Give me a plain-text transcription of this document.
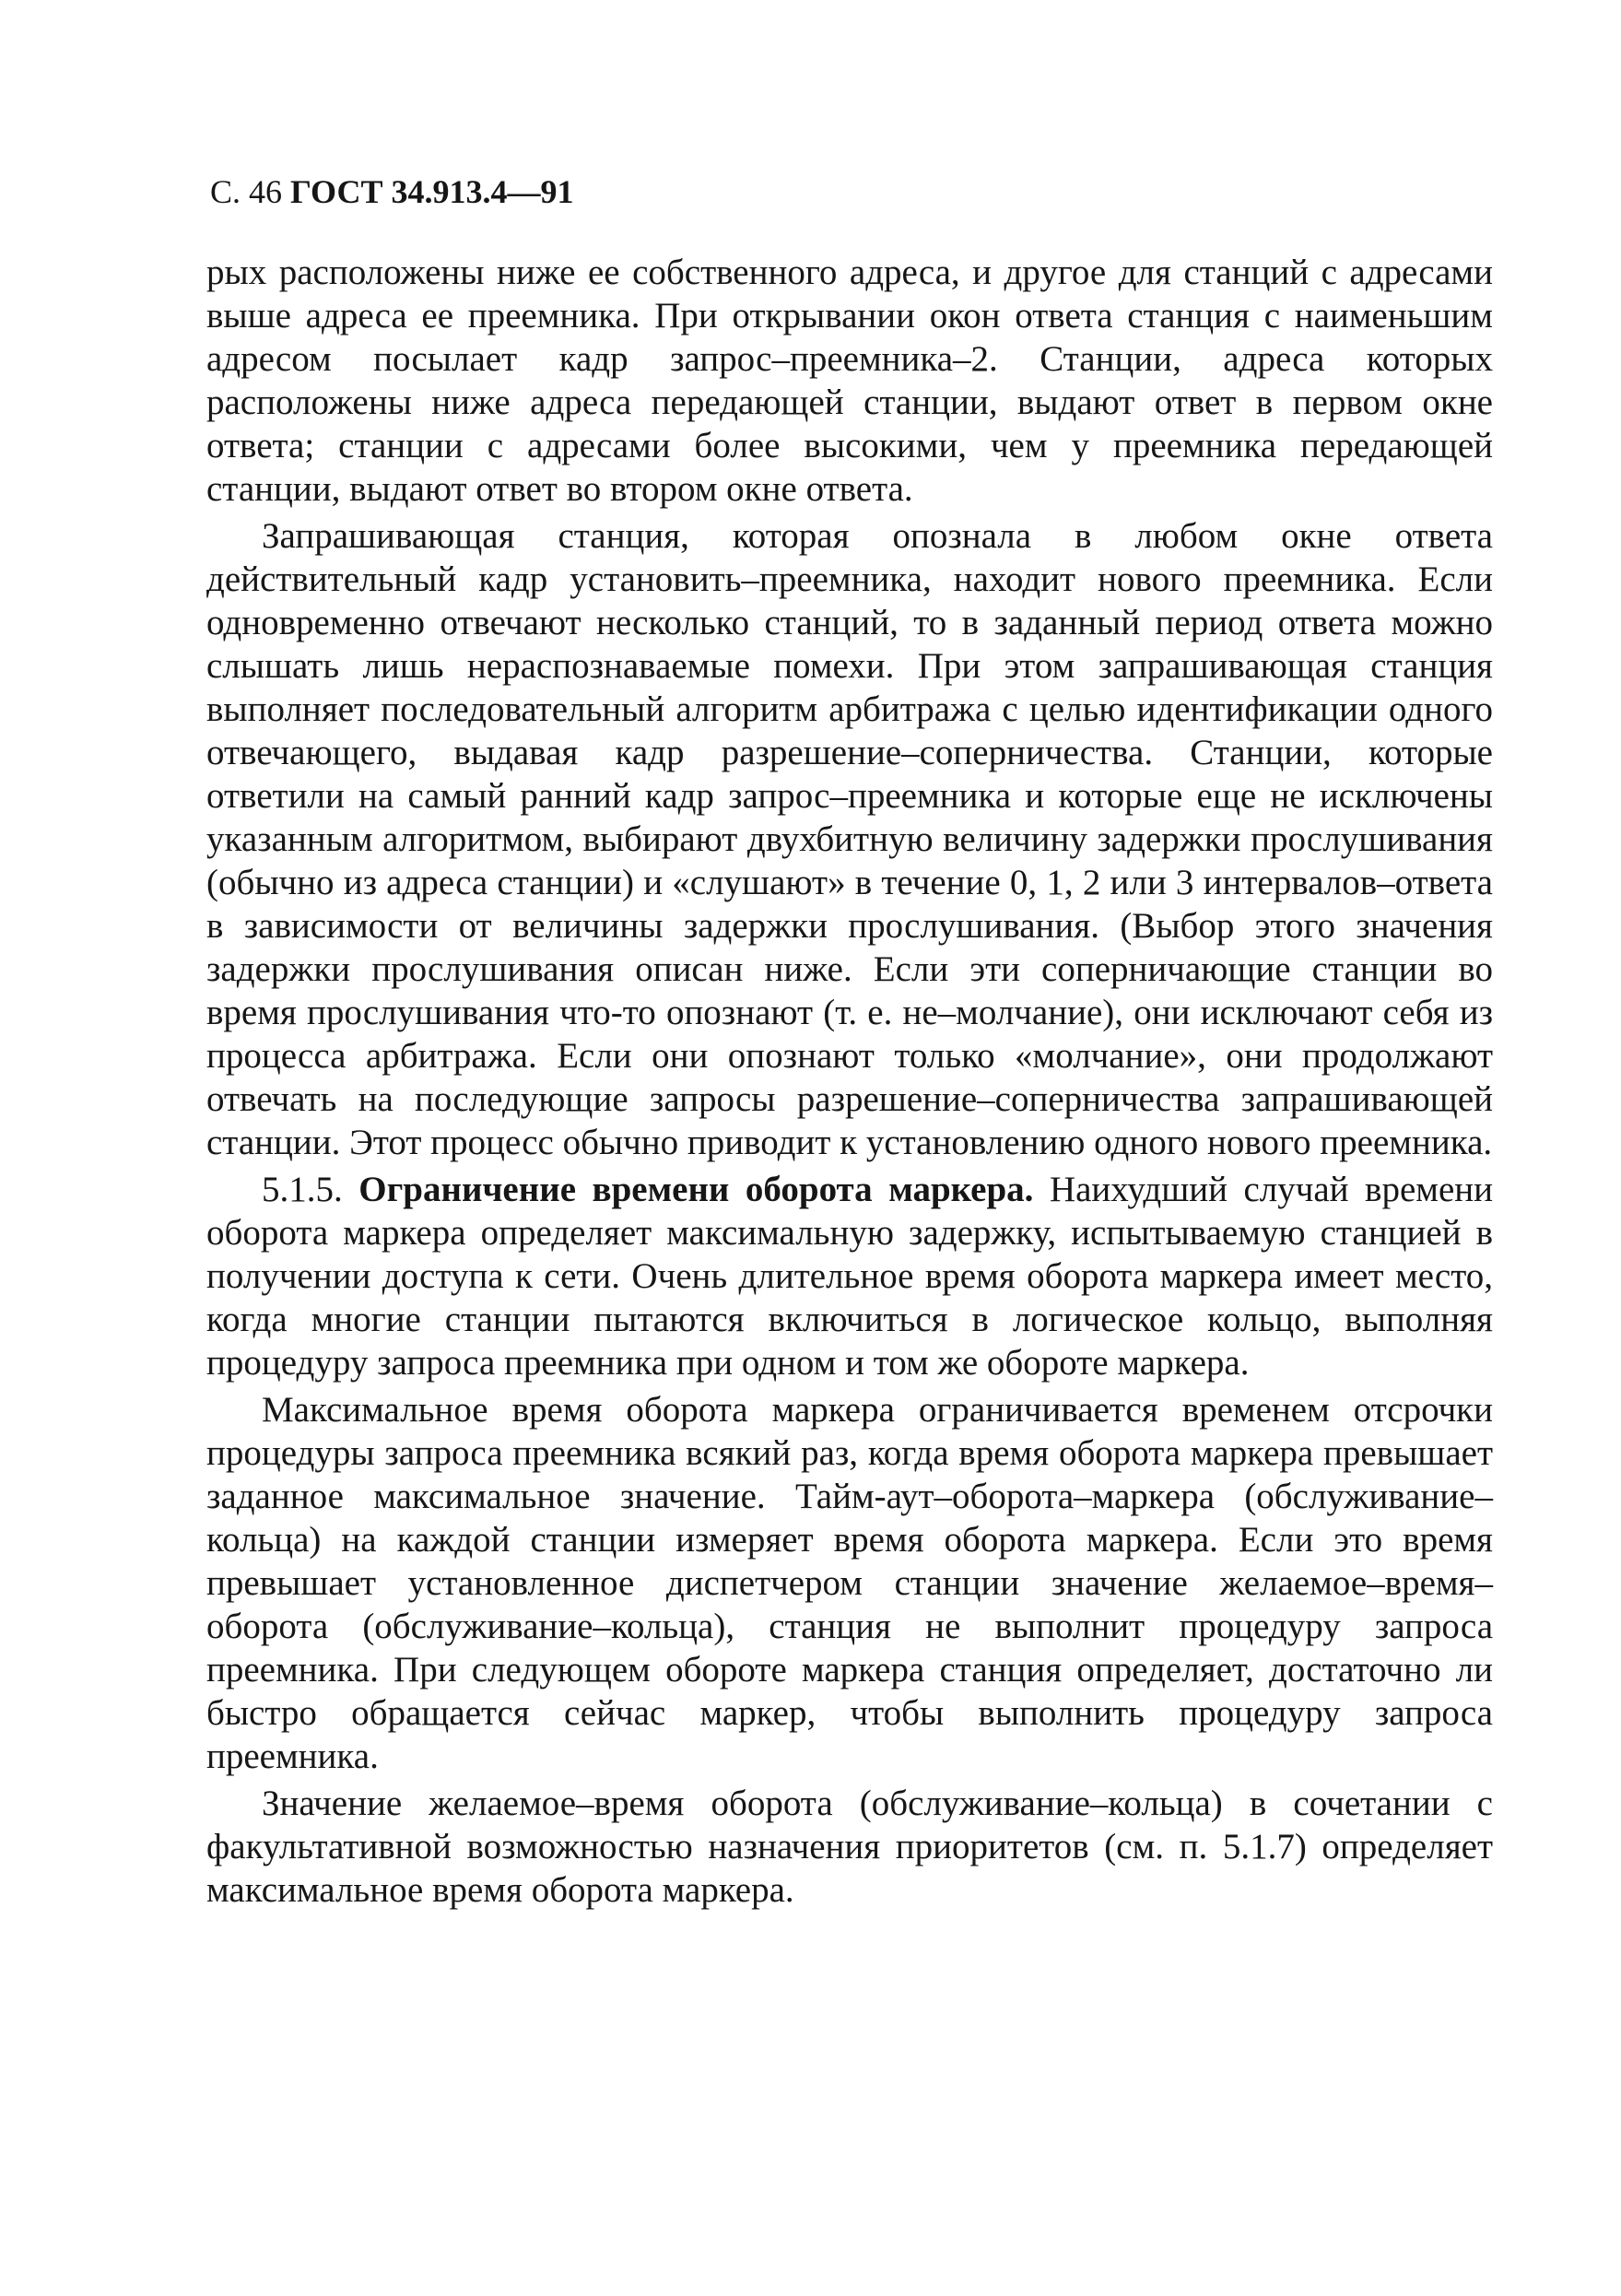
С. 46 ГОСТ 34.913.4—91

рых расположены ниже ее собственного адреса, и другое для станций с адресами выше адреса ее преемника. При открывании окон ответа станция с наименьшим адресом посылает кадр запрос–преемника–2. Станции, адреса которых расположены ниже адреса передающей станции, выдают ответ в первом окне ответа; станции с адресами более высокими, чем у преемника передающей станции, выдают ответ во втором окне ответа.

Запрашивающая станция, которая опознала в любом окне ответа действительный кадр установить–преемника, находит нового преемника. Если одновременно отвечают несколько станций, то в заданный период ответа можно слышать лишь нераспознаваемые помехи. При этом запрашивающая станция выполняет последовательный алгоритм арбитража с целью идентификации одного отвечающего, выдавая кадр разрешение–соперничества. Станции, которые ответили на самый ранний кадр запрос–преемника и которые еще не исключены указанным алгоритмом, выбирают двухбитную величину задержки прослушивания (обычно из адреса станции) и «слушают» в течение 0, 1, 2 или 3 интервалов–ответа в зависимости от величины задержки прослушивания. (Выбор этого значения задержки прослушивания описан ниже. Если эти соперничающие станции во время прослушивания что-то опознают (т. е. не–молчание), они исключают себя из процесса арбитража. Если они опознают только «молчание», они продолжают отвечать на последующие запросы разрешение–соперничества запрашивающей станции. Этот процесс обычно приводит к установлению одного нового преемника.

5.1.5. Ограничение времени оборота маркера. Наихудший случай времени оборота маркера определяет максимальную задержку, испытываемую станцией в получении доступа к сети. Очень длительное время оборота маркера имеет место, когда многие станции пытаются включиться в логическое кольцо, выполняя процедуру запроса преемника при одном и том же обороте маркера.

Максимальное время оборота маркера ограничивается временем отсрочки процедуры запроса преемника всякий раз, когда время оборота маркера превышает заданное максимальное значение. Тайм-аут–оборота–маркера (обслуживание–кольца) на каждой станции измеряет время оборота маркера. Если это время превышает установленное диспетчером станции значение желаемое–время–оборота (обслуживание–кольца), станция не выполнит процедуру запроса преемника. При следующем обороте маркера станция определяет, достаточно ли быстро обращается сейчас маркер, чтобы выполнить процедуру запроса преемника.

Значение желаемое–время оборота (обслуживание–кольца) в сочетании с факультативной возможностью назначения приоритетов (см. п. 5.1.7) определяет максимальное время оборота маркера.
